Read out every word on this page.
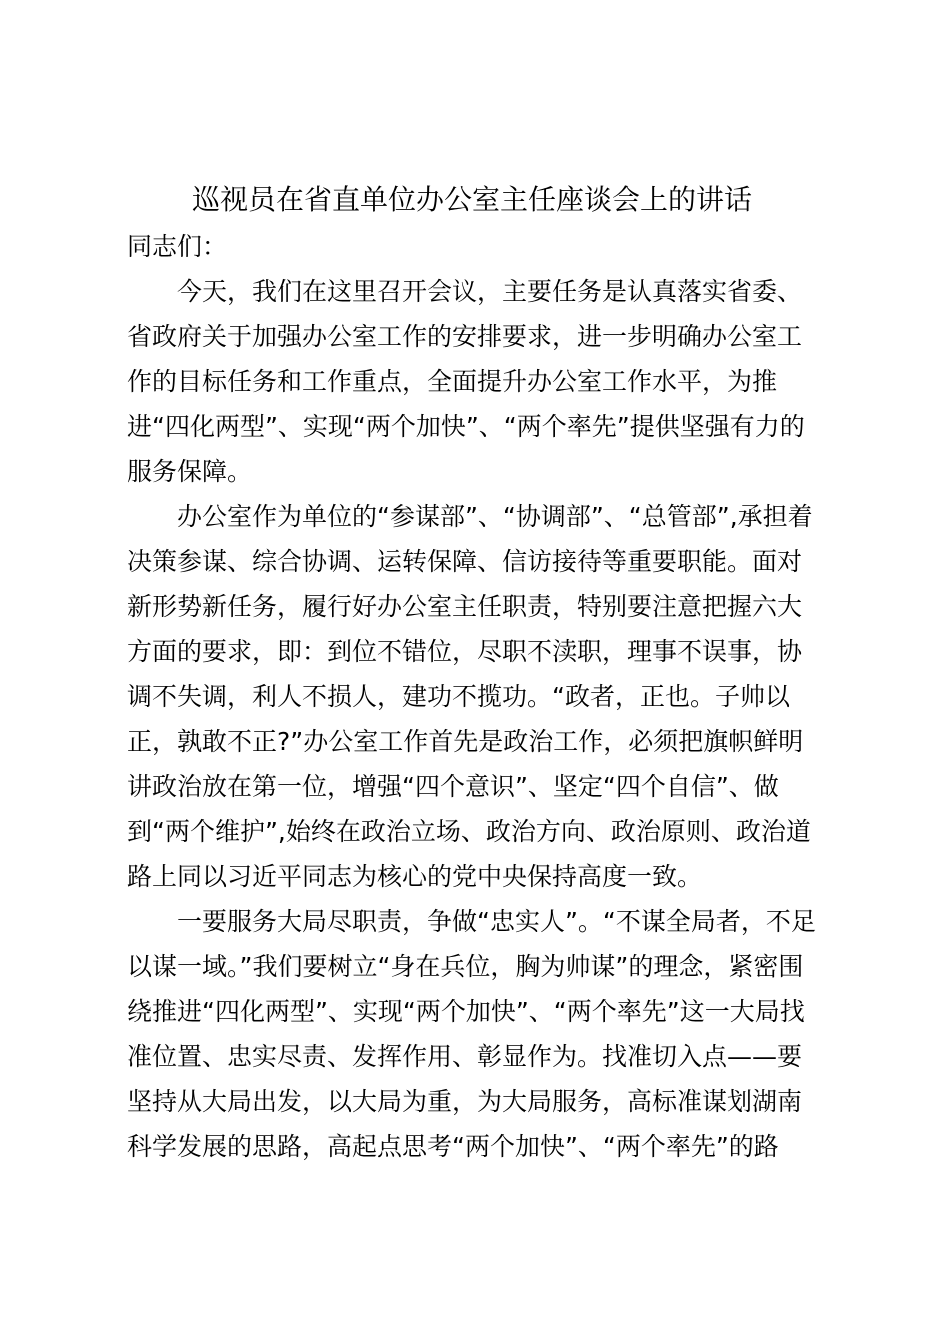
巡视员在省直单位办公室主任座谈会上的讲话
同志们：
　　今天，我们在这里召开会议，主要任务是认真落实省委、
省政府关于加强办公室工作的安排要求，进一步明确办公室工
作的目标任务和工作重点，全面提升办公室工作水平，为推
进“四化两型”、实现“两个加快”、“两个率先”提供坚强有力的
服务保障。
　　办公室作为单位的“参谋部”、“协调部”、“总管部”,承担着
决策参谋、综合协调、运转保障、信访接待等重要职能。面对
新形势新任务，履行好办公室主任职责，特别要注意把握六大
方面的要求，即：到位不错位，尽职不渎职，理事不误事，协
调不失调，利人不损人，建功不揽功。“政者，正也。子帅以
正，孰敢不正?”办公室工作首先是政治工作，必须把旗帜鲜明
讲政治放在第一位，增强“四个意识”、坚定“四个自信”、做
到“两个维护”,始终在政治立场、政治方向、政治原则、政治道
路上同以习近平同志为核心的党中央保持高度一致。
　　一要服务大局尽职责，争做“忠实人”。“不谋全局者，不足
以谋一域。”我们要树立“身在兵位，胸为帅谋”的理念，紧密围
绕推进“四化两型”、实现“两个加快”、“两个率先”这一大局找
准位置、忠实尽责、发挥作用、彰显作为。找准切入点——要
坚持从大局出发，以大局为重，为大局服务，高标准谋划湖南
科学发展的思路，高起点思考“两个加快”、“两个率先”的路
